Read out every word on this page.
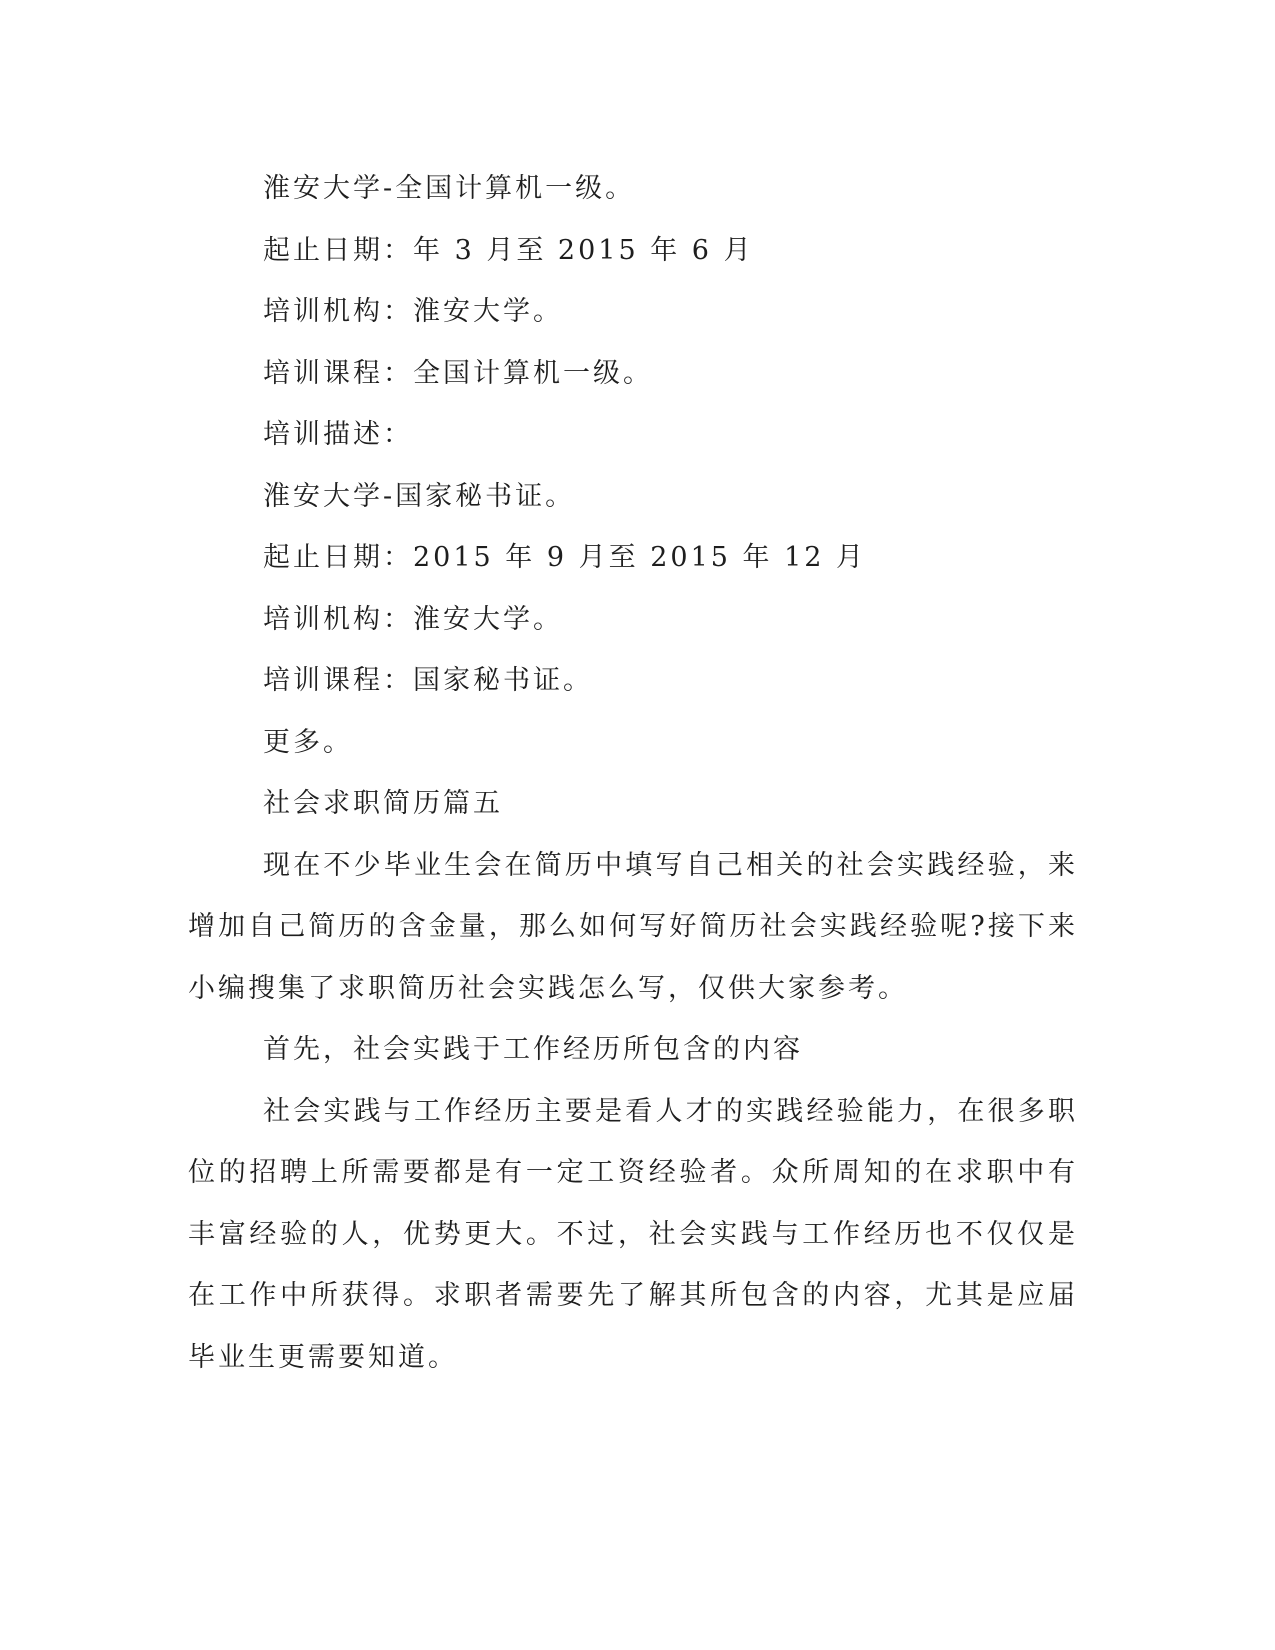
淮安大学-全国计算机一级。

起止日期：年 3 月至 2015 年 6 月

培训机构：淮安大学。

培训课程：全国计算机一级。

培训描述：

淮安大学-国家秘书证。

起止日期：2015 年 9 月至 2015 年 12 月

培训机构：淮安大学。

培训课程：国家秘书证。

更多。

社会求职简历篇五

现在不少毕业生会在简历中填写自己相关的社会实践经验，来增加自己简历的含金量，那么如何写好简历社会实践经验呢?接下来小编搜集了求职简历社会实践怎么写，仅供大家参考。

首先，社会实践于工作经历所包含的内容

社会实践与工作经历主要是看人才的实践经验能力，在很多职位的招聘上所需要都是有一定工资经验者。众所周知的在求职中有丰富经验的人，优势更大。不过，社会实践与工作经历也不仅仅是在工作中所获得。求职者需要先了解其所包含的内容，尤其是应届毕业生更需要知道。
